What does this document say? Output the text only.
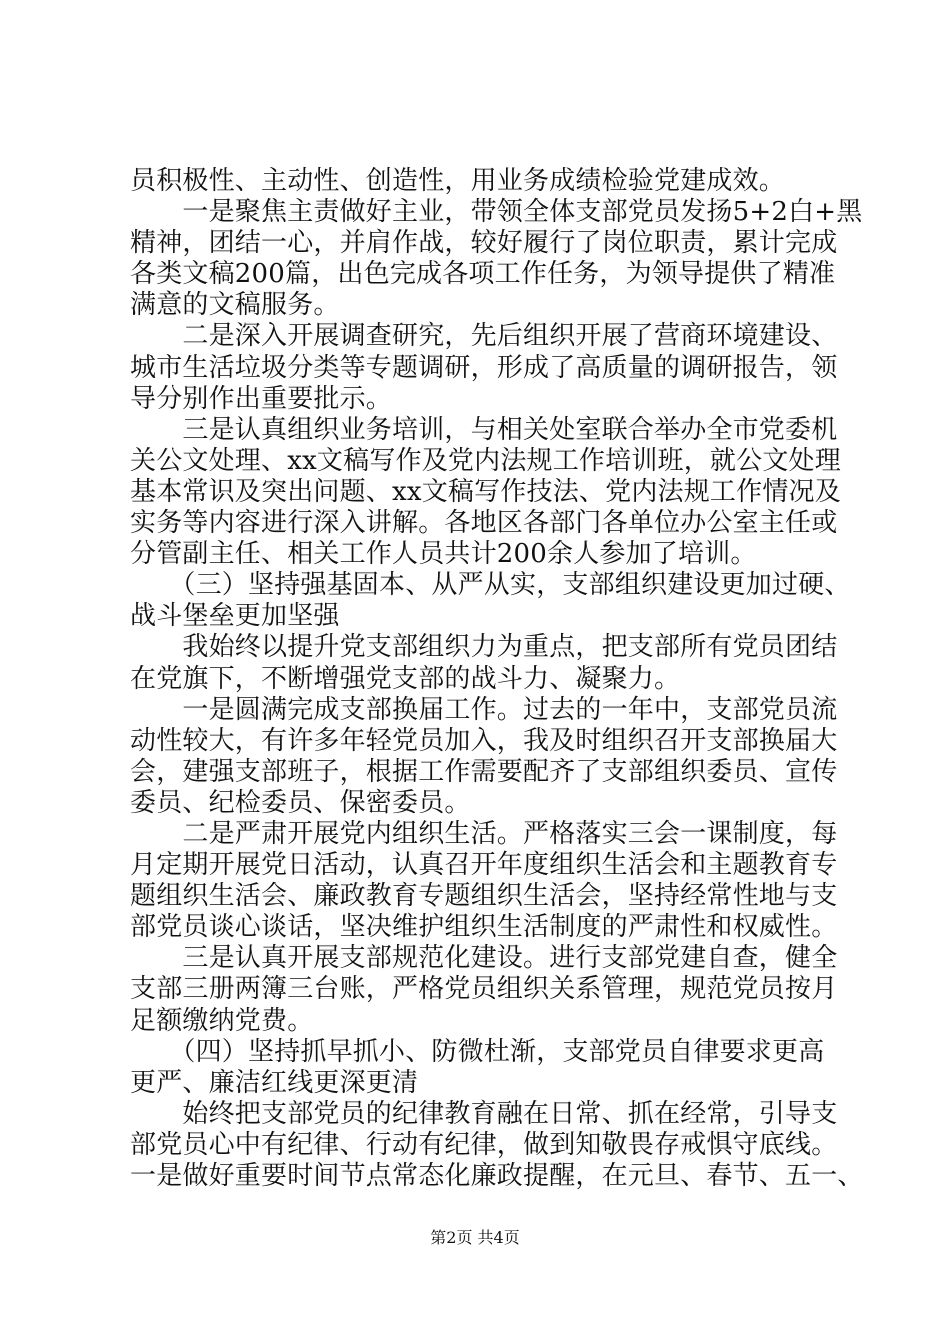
员积极性、主动性、创造性，用业务成绩检验党建成效。
　　一是聚焦主责做好主业，带领全体支部党员发扬5+2白+黑
精神，团结一心，并肩作战，较好履行了岗位职责，累计完成
各类文稿200篇，出色完成各项工作任务，为领导提供了精准
满意的文稿服务。
　　二是深入开展调查研究，先后组织开展了营商环境建设、
城市生活垃圾分类等专题调研，形成了高质量的调研报告，领
导分别作出重要批示。
　　三是认真组织业务培训，与相关处室联合举办全市党委机
关公文处理、xx文稿写作及党内法规工作培训班，就公文处理
基本常识及突出问题、xx文稿写作技法、党内法规工作情况及
实务等内容进行深入讲解。各地区各部门各单位办公室主任或
分管副主任、相关工作人员共计200余人参加了培训。
　　（三）坚持强基固本、从严从实，支部组织建设更加过硬、
战斗堡垒更加坚强
　　我始终以提升党支部组织力为重点，把支部所有党员团结
在党旗下，不断增强党支部的战斗力、凝聚力。
　　一是圆满完成支部换届工作。过去的一年中，支部党员流
动性较大，有许多年轻党员加入，我及时组织召开支部换届大
会，建强支部班子，根据工作需要配齐了支部组织委员、宣传
委员、纪检委员、保密委员。
　　二是严肃开展党内组织生活。严格落实三会一课制度，每
月定期开展党日活动，认真召开年度组织生活会和主题教育专
题组织生活会、廉政教育专题组织生活会，坚持经常性地与支
部党员谈心谈话，坚决维护组织生活制度的严肃性和权威性。
　　三是认真开展支部规范化建设。进行支部党建自查，健全
支部三册两簿三台账，严格党员组织关系管理，规范党员按月
足额缴纳党费。
　　（四）坚持抓早抓小、防微杜渐，支部党员自律要求更高
更严、廉洁红线更深更清
　　始终把支部党员的纪律教育融在日常、抓在经常，引导支
部党员心中有纪律、行动有纪律，做到知敬畏存戒惧守底线。
一是做好重要时间节点常态化廉政提醒，在元旦、春节、五一、
第2页 共4页
